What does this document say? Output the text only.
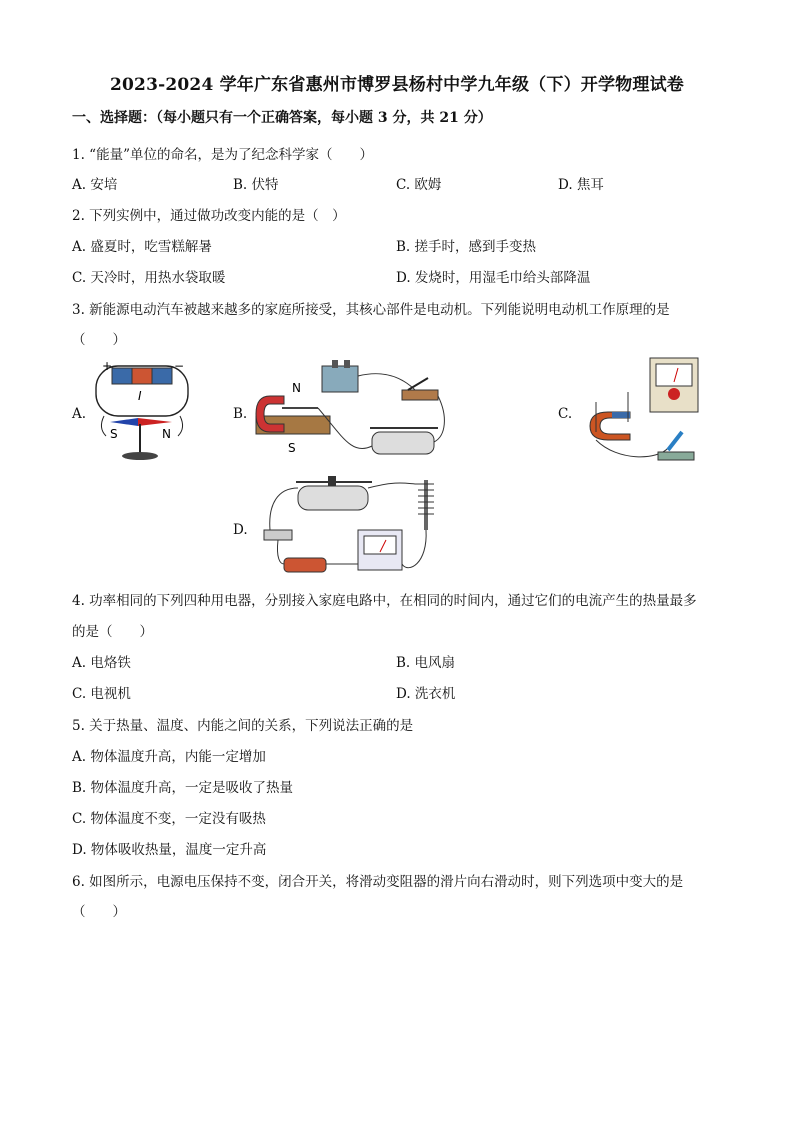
2023-2024 学年广东省惠州市博罗县杨村中学九年级（下）开学物理试卷
一、选择题：（每小题只有一个正确答案，每小题 3 分，共 21 分）
1. “能量”单位的命名，是为了纪念科学家（　　）
A. 安培	B. 伏特	C. 欧姆	D. 焦耳
2. 下列实例中，通过做功改变内能的是（　）
A. 盛夏时，吃雪糕解暑	B. 搓手时，感到手变热
C. 天冷时，用热水袋取暖	D. 发烧时，用湿毛巾给头部降温
3. 新能源电动汽车被越来越多的家庭所接受，其核心部件是电动机。下列能说明电动机工作原理的是
（　　）
A.	B.	C.
D.
+	−
I
S	N
N
S
4. 功率相同的下列四种用电器，分别接入家庭电路中，在相同的时间内，通过它们的电流产生的热量最多
的是（　　）
A. 电烙铁	B. 电风扇
C. 电视机	D. 洗衣机
5. 关于热量、温度、内能之间的关系，下列说法正确的是
A. 物体温度升高，内能一定增加
B. 物体温度升高，一定是吸收了热量
C. 物体温度不变，一定没有吸热
D. 物体吸收热量，温度一定升高
6. 如图所示，电源电压保持不变，闭合开关，将滑动变阻器的滑片向右滑动时，则下列选项中变大的是
（　　）
